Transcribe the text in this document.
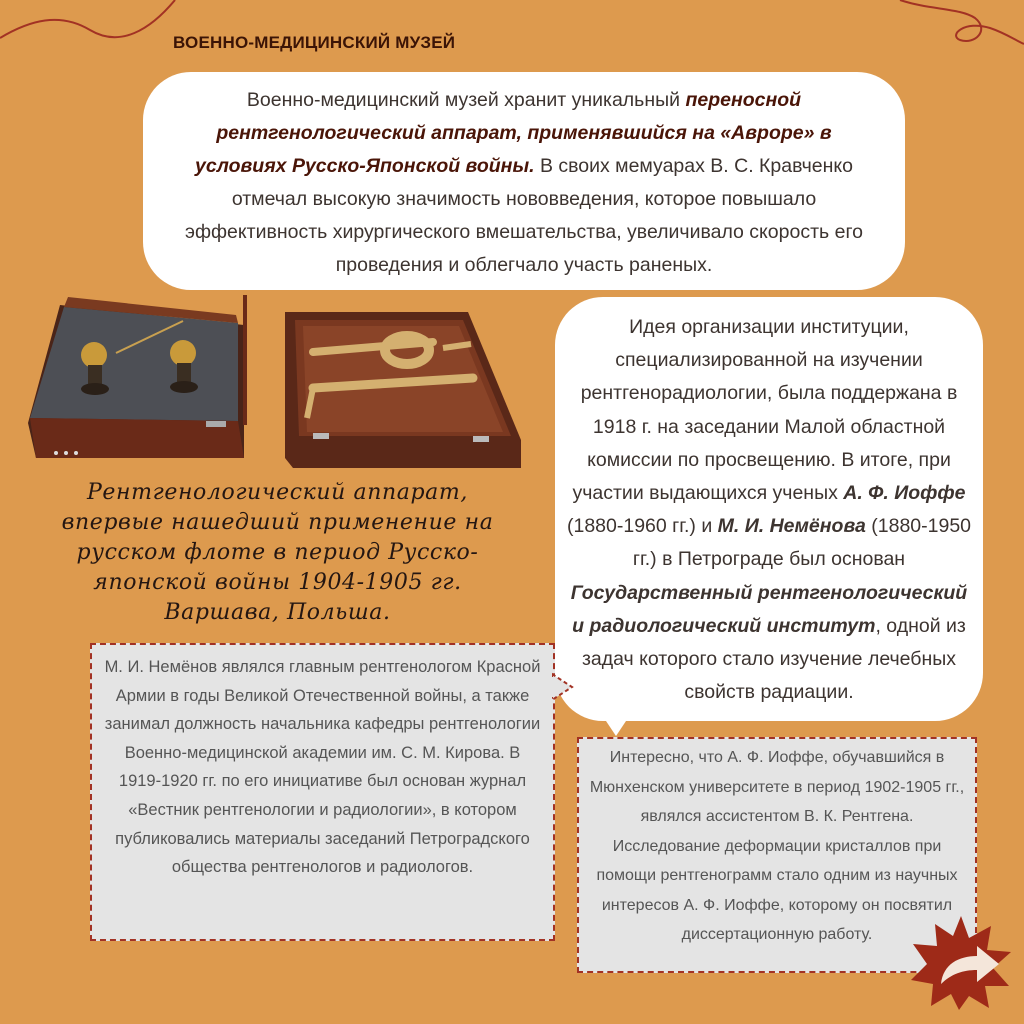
ВОЕННО-МЕДИЦИНСКИЙ МУЗЕЙ
Военно-медицинский музей хранит уникальный переносной рентгенологический аппарат, применявшийся на «Авроре» в условиях Русско-Японской войны. В своих мемуарах В. С. Кравченко отмечал высокую значимость нововведения, которое повышало эффективность хирургического вмешательства, увеличивало скорость его проведения и облегчало участь раненых.
Рентгенологический аппарат, впервые нашедший применение на русском флоте в период Русско-японской войны 1904-1905 гг. Варшава, Польша.
Идея организации институции, специализированной на изучении рентгенорадиологии, была поддержана в 1918 г. на заседании Малой областной комиссии по просвещению. В итоге, при участии выдающихся ученых А. Ф. Иоффе (1880-1960 гг.) и М. И. Немёнова (1880-1950 гг.) в Петрограде был основан Государственный рентгенологический и радиологический институт, одной из задач которого стало изучение лечебных свойств радиации.
М. И. Немёнов являлся главным рентгенологом Красной Армии в годы Великой Отечественной войны, а также занимал должность начальника кафедры рентгенологии Военно-медицинской академии им. С. М. Кирова. В 1919-1920 гг. по его инициативе был основан журнал «Вестник рентгенологии и радиологии», в котором публиковались материалы заседаний Петроградского общества рентгенологов и радиологов.
Интересно, что А. Ф. Иоффе, обучавшийся в Мюнхенском университете в период 1902-1905 гг., являлся ассистентом В. К. Рентгена. Исследование деформации кристаллов при помощи рентгенограмм стало одним из научных интересов А. Ф. Иоффе, которому он посвятил диссертационную работу.
